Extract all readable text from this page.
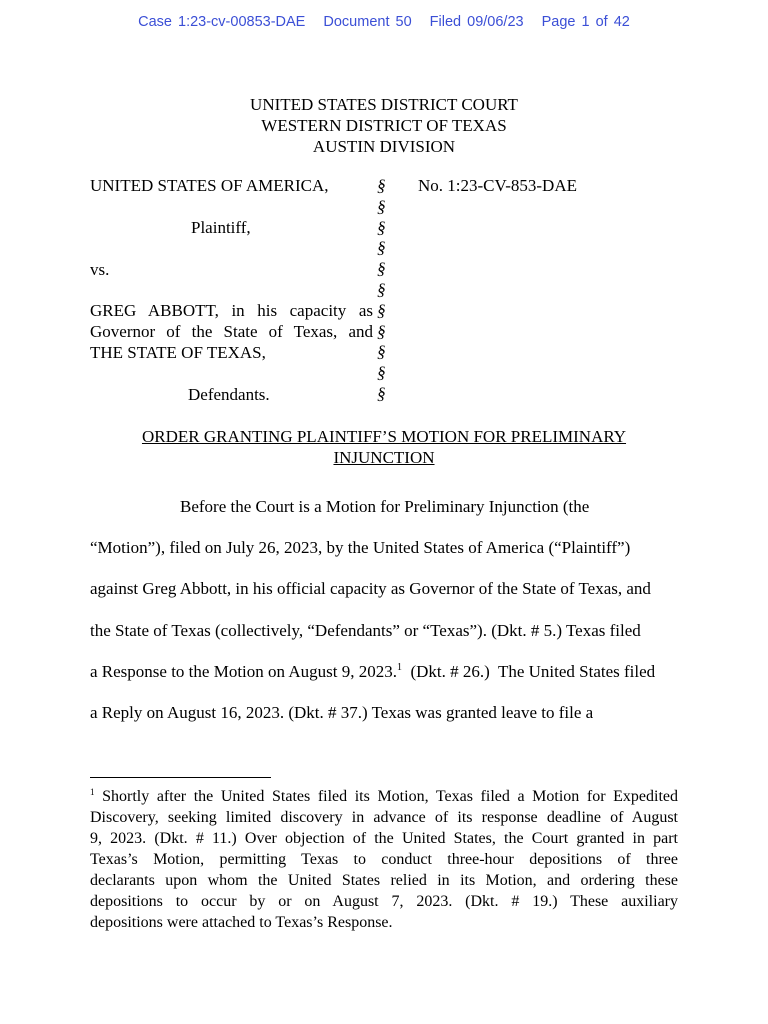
Case 1:23-cv-00853-DAE Document 50 Filed 09/06/23 Page 1 of 42
UNITED STATES DISTRICT COURT
WESTERN DISTRICT OF TEXAS
AUSTIN DIVISION
UNITED STATES OF AMERICA,
Plaintiff,
vs.
GREG ABBOTT, in his capacity as
Governor of the State of Texas, and
THE STATE OF TEXAS,
Defendants.
§
§
§
§
§
§
§
§
§
§
§
No. 1:23-CV-853-DAE
ORDER GRANTING PLAINTIFF’S MOTION FOR PRELIMINARY
INJUNCTION
Before the Court is a Motion for Preliminary Injunction (the
“Motion”), filed on July 26, 2023, by the United States of America (“Plaintiff”)
against Greg Abbott, in his official capacity as Governor of the State of Texas, and
the State of Texas (collectively, “Defendants” or “Texas”). (Dkt. # 5.) Texas filed
a Response to the Motion on August 9, 2023.$^1$  (Dkt. # 26.)  The United States filed
a Reply on August 16, 2023. (Dkt. # 37.) Texas was granted leave to file a
$^1$ Shortly after the United States filed its Motion, Texas filed a Motion for Expedited
Discovery, seeking limited discovery in advance of its response deadline of August
9, 2023. (Dkt. # 11.) Over objection of the United States, the Court granted in part
Texas’s Motion, permitting Texas to conduct three-hour depositions of three
declarants upon whom the United States relied in its Motion, and ordering these
depositions to occur by or on August 7, 2023. (Dkt. # 19.) These auxiliary
depositions were attached to Texas’s Response.
